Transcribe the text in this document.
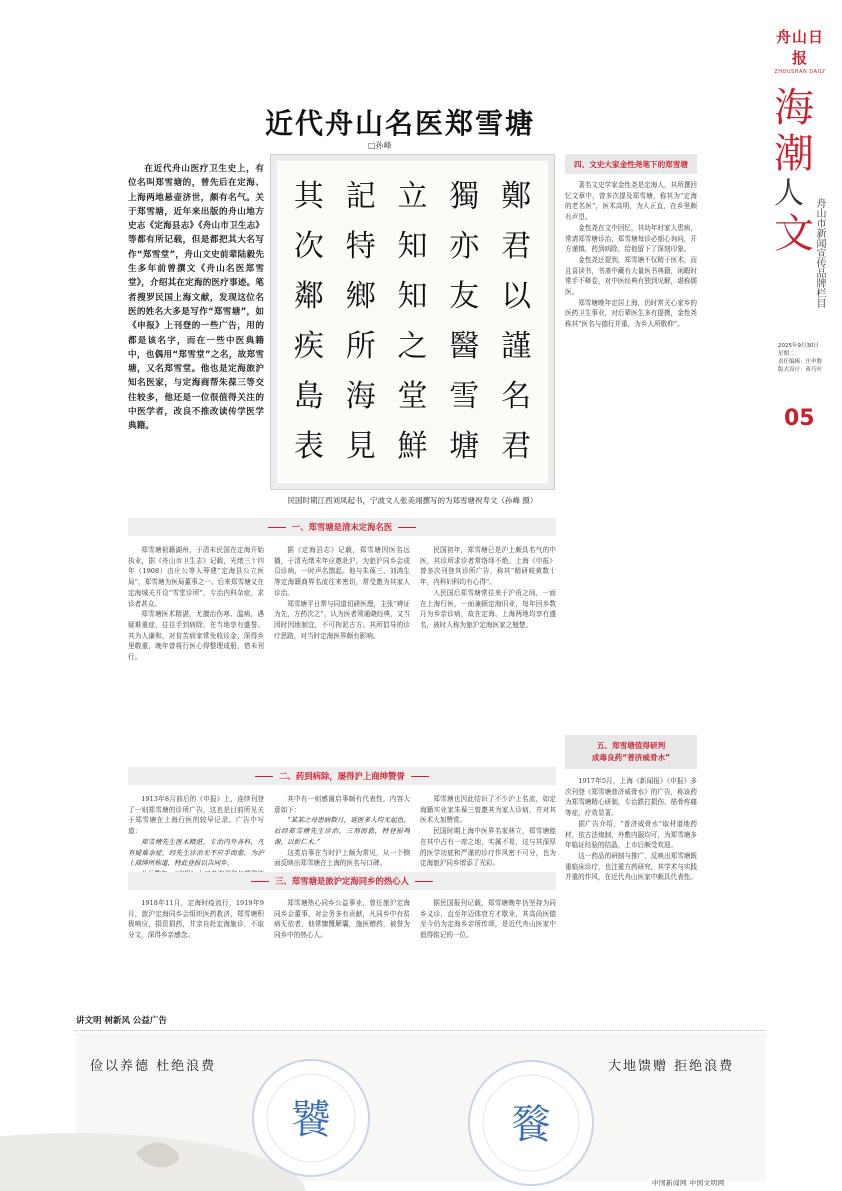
舟山日报
ZHOUSHAN DAILY
海潮
人文 舟山市新闻宣传品牌栏目
2025年9月30日
星期二
责任编辑：庄申磐
版式设计：蒋巧叶
05
近代舟山名医郑雪塘
□孙峰
在近代舟山医疗卫生史上，有位名叫郑雪塘的，曾先后在定海、上海两地悬壶济世，颇有名气。关于郑雪塘，近年来出版的舟山地方史志《定海县志》《舟山市卫生志》等都有所记载，但是都把其大名写作“郑雪堂”，舟山文史前辈陆毅先生多年前曾撰文《舟山名医郑雪堂》，介绍其在定海的医疗事迹。笔者搜罗民国上海文献，发现这位名医的姓名大多是写作“郑雪塘”，如《申报》上刊登的一些广告，用的都是该名字，而在一些中医典籍中，也偶用“郑雪堂”之名，故郑雪塘，又名郑雪堂。他也是定海旅沪知名医家，与定海商帮朱葆三等交往较多，他还是一位很值得关注的中医学者，改良不推改读传学医学典籍。
鄭
君
以
謹
名
君
獨
亦
友
醫
雪
塘
立
知
知
之
堂
鮮
記
特
鄉
所
海
見
其
次
鄰
疾
島
表
民国时期江西刘凤起书，宁波文人张美翊撰写的为郑雪塘祝寿文（孙峰 摄）
一、郑雪塘是清末定海名医

郑雪塘祖籍湖州，于清末民国在定海开始执业，据《舟山市卫生志》记载，光绪三十四年（1908）由庄公等人筹建“定海县公立医局”，郑雪塘为医局董事之一。后来郑雪塘又在定海城关开设“雪堂诊所”，专治内科杂症，求诊者甚众。

郑雪塘医术精湛，尤擅治伤寒、温病，遇疑难重症，往往手到病除，在当地享有盛誉。其为人谦和，对贫苦病家常免收诊金，深得乡里敬重，晚年曾将行医心得整理成册，惜未刊行。

据《定海县志》记载，郑雪塘因医名远播，于清光绪末年应邀赴沪，为旅沪同乡会成员诊病，一时声名鹊起。他与朱葆三、刘鸿生等定海籍商界名流往来密切，常受邀为其家人诊治。

郑雪塘平日常与同道切磋医理，主张“辨证为先，方药次之”，认为医者须通晓经典，又当因时因地制宜，不可拘泥古方。其所倡导的诊疗思路，对当时定海医界颇有影响。

民国初年，郑雪塘已是沪上颇具名气的中医，其诊所求诊者常络绎不绝。上海《申报》曾多次刊登其诊所广告，称其“精研岐黄数十年，内科妇科均有心得”。

入民国后郑雪塘常往来于沪甬之间，一面在上海行医，一面兼顾定海旧业，每年回乡数月为乡亲诊病，故在定海、上海两地均享有盛名，被时人称为旅沪定海医家之翘楚。

二、药到病除，屡得沪上商绅赞誉

1913年8月前后的《申报》上，连续刊登了一则郑雪塘的诊所广告，这也是目前所见关于郑雪塘在上海行医的较早记录。广告中写道：

郑雪塘先生医术精湛，专治内外各科，凡有疑难杂症，经先生诊治无不应手而愈，为沪上商绅所称道，特此登报以告同乡。

其中有一则感谢启事颇有代表性，内容大意如下：

“某某之母患病数月，延医多人均无起色，后经郑雪塘先生诊治，三剂而愈，特登报鸣谢，以彰仁术。”

这类启事在当时沪上颇为常见，从一个侧面反映出郑雪塘在上海的医名与口碑。

郑雪塘也因此结识了不少沪上名流，如定海籍实业家朱葆三曾邀其为家人诊病，并对其医术大加赞赏。

民国时期上海中医界名家林立，郑雪塘能在其中占有一席之地，实属不易，这与其深厚的医学功底和严谨的诊疗作风密不可分，也为定海旅沪同乡增添了光彩。

四、文史大家金性尧笔下的郑雪塘

著名文史学家金性尧是定海人，其所撰回忆文章中，曾多次提及郑雪塘，称其为“定海的老名医”，医术高明，为人正直，在乡里颇有声望。

金性尧在文中回忆，其幼年时家人患病，常请郑雪塘诊治，郑雪塘每诊必细心询问，开方谨慎，药到病除，给他留下了深刻印象。

金性尧还提到，郑雪塘不仅精于医术，而且喜读书，书斋中藏有大量医书典籍，闲暇时常手不释卷，对中医经典有独到见解，堪称儒医。

郑雪塘晚年定居上海，仍时常关心家乡的医药卫生事业，对后辈医生多有提携，金性尧称其“医名与德行并重，为乡人所敬仰”。

五、郑雪塘值得研判
成毒良药“普济威骨水”

1917年5月，上海《新闻报》《申报》多次刊登《郑雪塘普济威骨水》的广告，称该药为郑雪塘精心研制，专治跌打损伤、筋骨疼痛等症，疗效显著。

据广告介绍，“普济威骨水”取材道地药材，依古法炮制，外敷内服均可，为郑雪塘多年临证经验的结晶，上市后颇受欢迎。

这一药品的研制与推广，反映出郑雪塘既重临床诊疗，也注重方药研究，其学术与实践并重的作风，在近代舟山医家中颇具代表性。

讲文明 树新风 公益广告
饕	餮
俭以养德 杜绝浪费	大地馈赠 拒绝浪费
中国新闻网 中国文明网
三、郑雪塘是旅沪定海同乡的热心人

1918年11月，定海时疫流行，1919年9月，旅沪定海同乡会组织医药救济，郑雪塘积极响应，捐资捐药，并亲自赴定海施诊，不取分文，深得乡亲感念。

郑雪塘热心同乡公益事业，曾任旅沪定海同乡会董事，对会务多有贡献，凡同乡中有贫病无依者，他常慷慨解囊，施医赠药，被誉为同乡中的热心人。

据民国报刊记载，郑雪塘晚年仍坚持为同乡义诊，直至年迈体衰方才歇业，其高尚医德至今仍为定海乡亲所传颂，是近代舟山医家中值得铭记的一位。
